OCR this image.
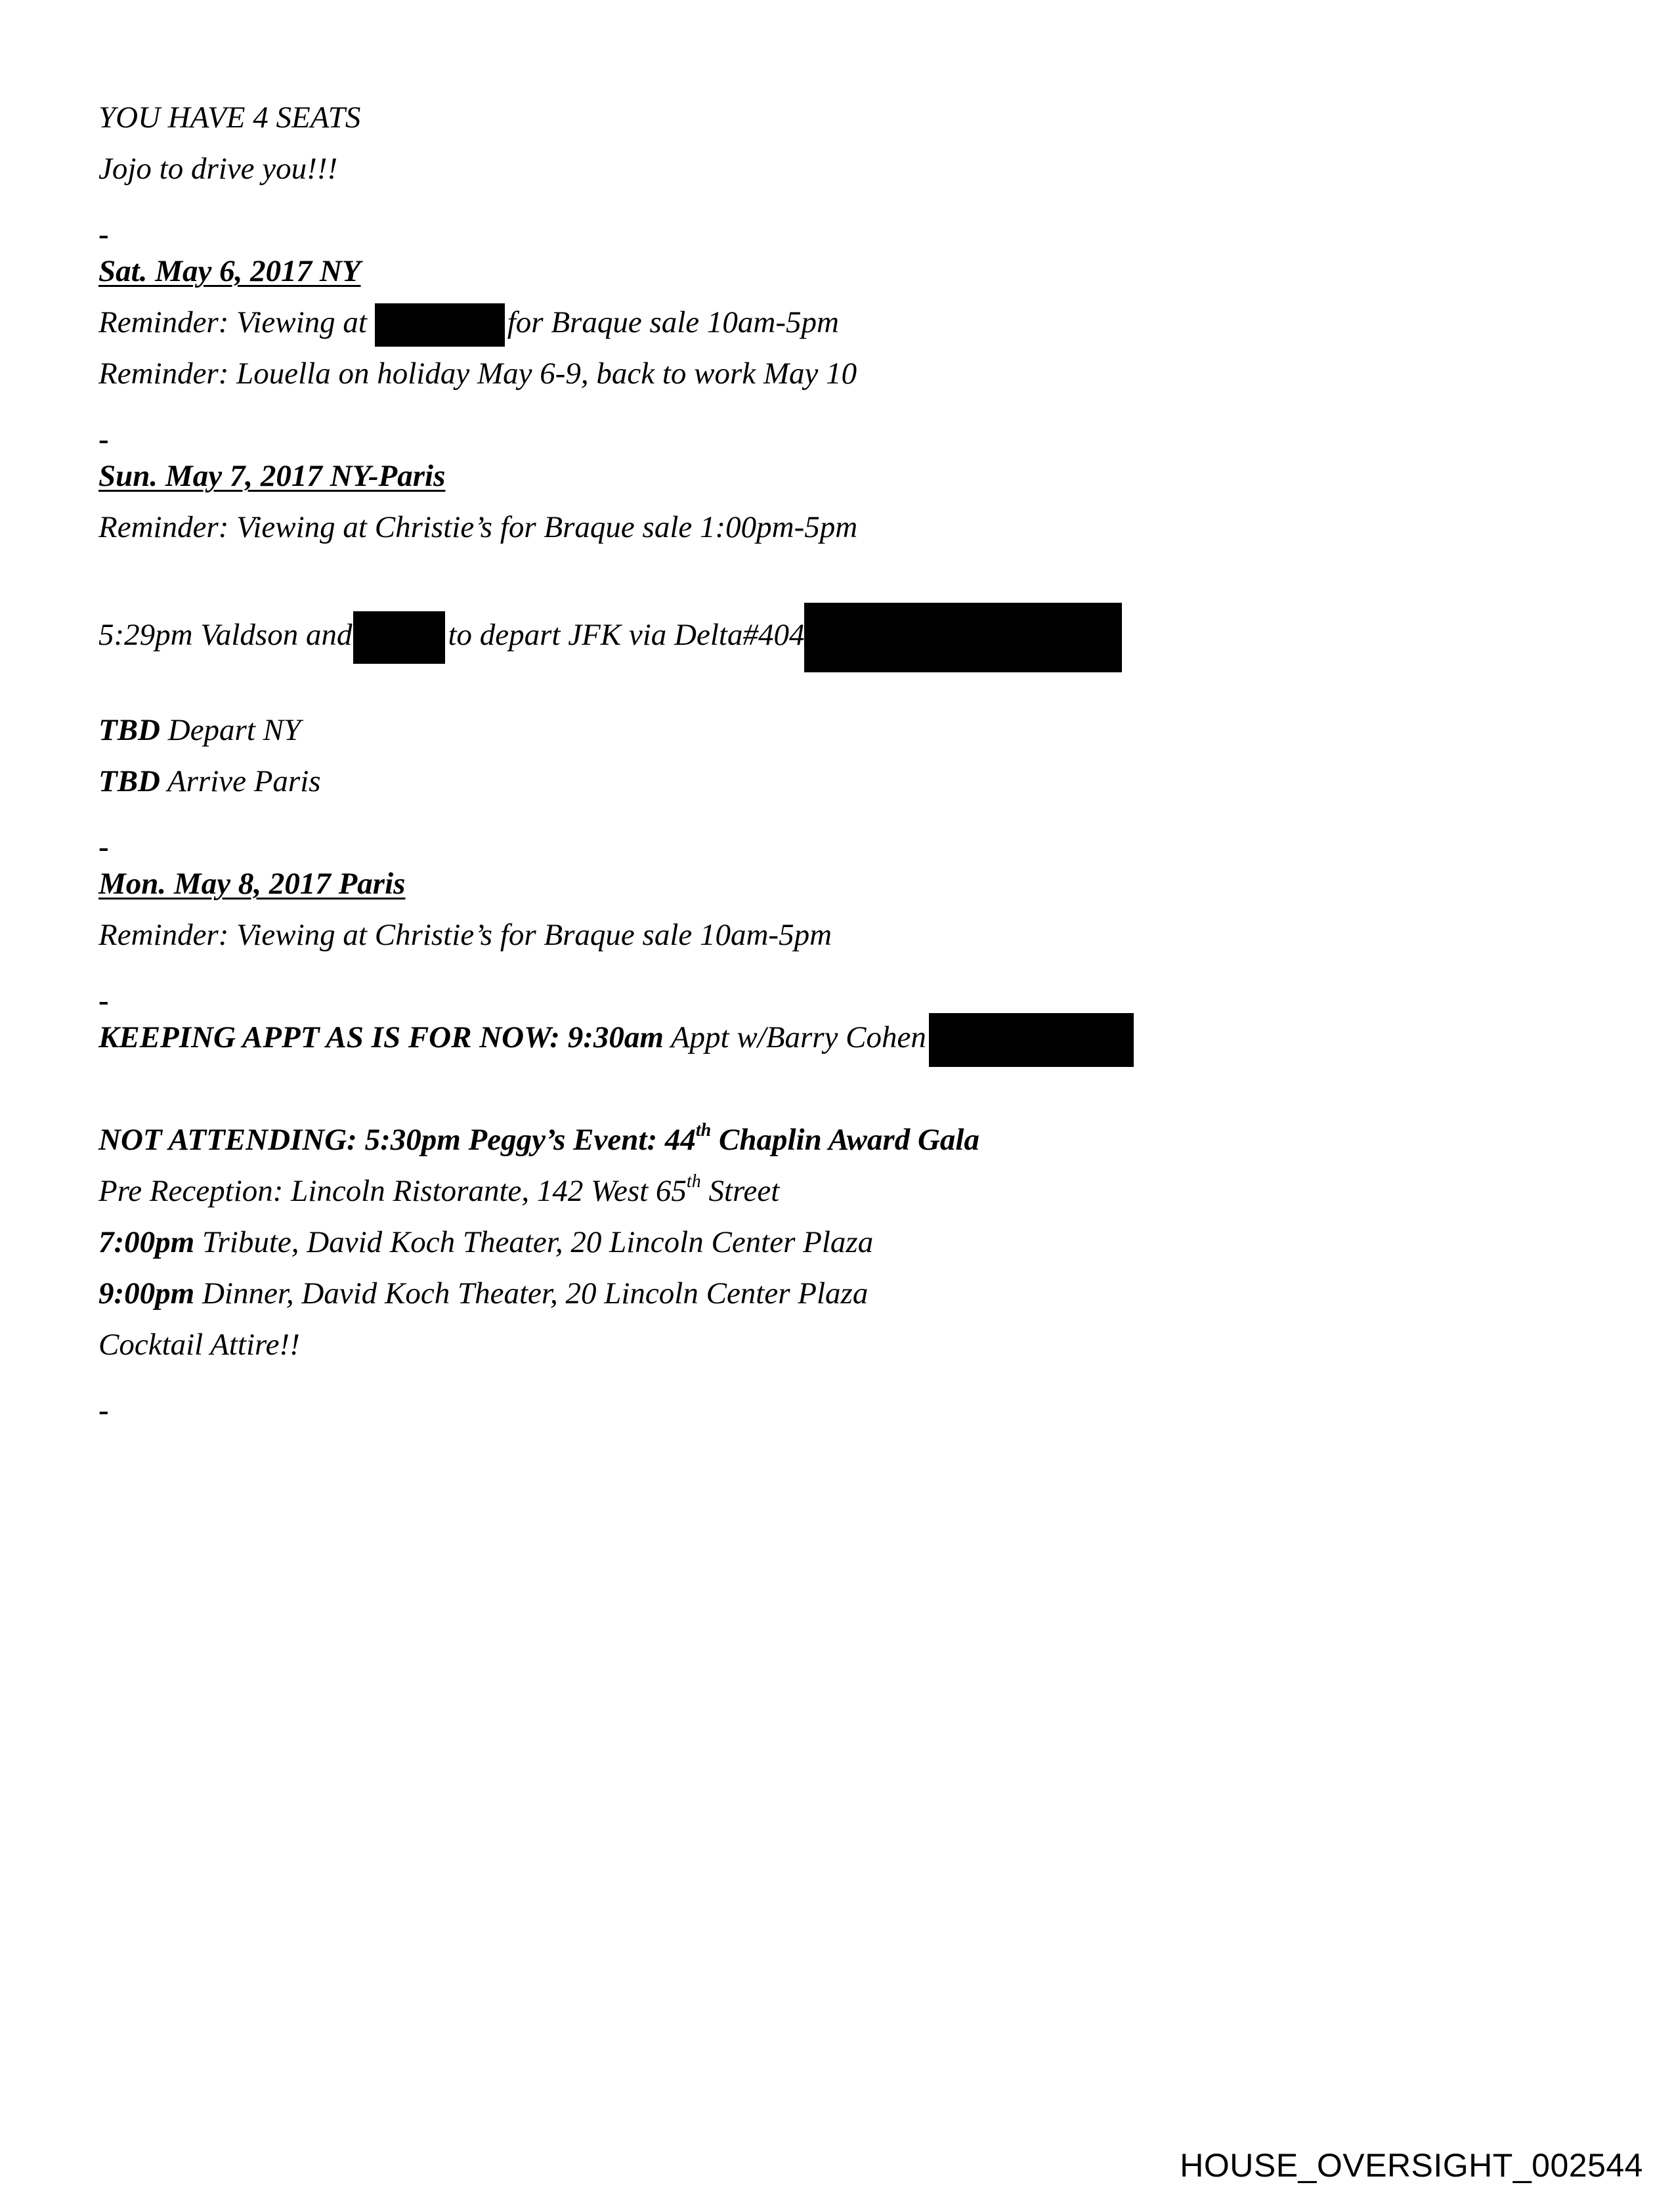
YOU HAVE 4 SEATS
Jojo to drive you!!!
-
Sat. May 6, 2017 NY
Reminder: Viewing at	for Braque sale 10am-5pm
Reminder: Louella on holiday May 6-9, back to work May 10
-
Sun. May 7, 2017 NY-Paris
Reminder: Viewing at Christie’s for Braque sale 1:00pm-5pm
5:29pm Valdson and	to depart JFK via Delta#404
TBD Depart NY
TBD Arrive Paris
-
Mon. May 8, 2017 Paris
Reminder: Viewing at Christie’s for Braque sale 10am-5pm
-
KEEPING APPT AS IS FOR NOW: 9:30am Appt w/Barry Cohen
NOT ATTENDING: 5:30pm Peggy’s Event: 44th Chaplin Award Gala
Pre Reception: Lincoln Ristorante, 142 West 65th Street
7:00pm Tribute, David Koch Theater, 20 Lincoln Center Plaza
9:00pm Dinner, David Koch Theater, 20 Lincoln Center Plaza
Cocktail Attire!!
-
HOUSE_OVERSIGHT_002544
